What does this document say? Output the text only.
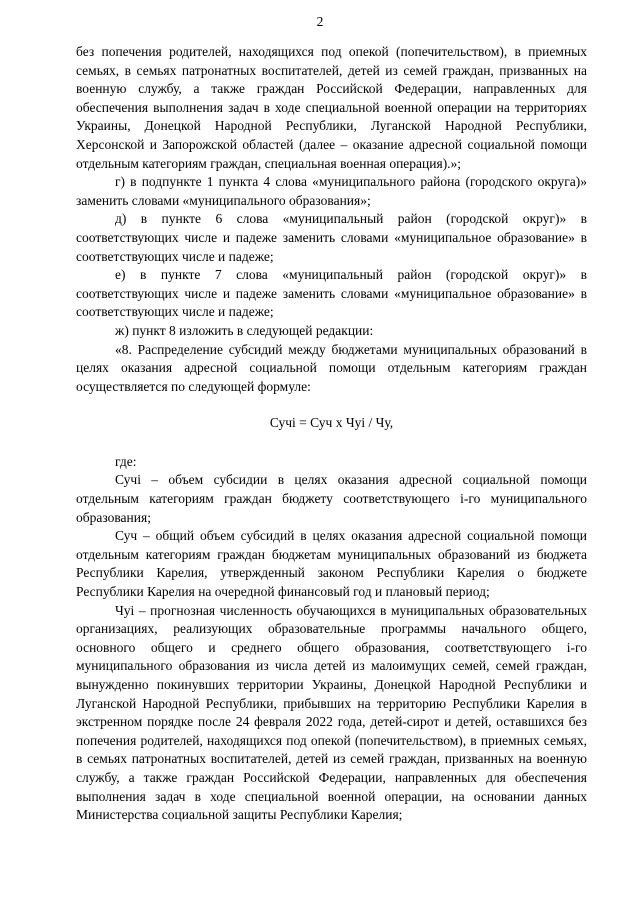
2

без попечения родителей, находящихся под опекой (попечительством), в приемных семьях, в семьях патронатных воспитателей, детей из семей граждан, призванных на военную службу, а также граждан Российской Федерации, направленных для обеспечения выполнения задач в ходе специальной военной операции на территориях Украины, Донецкой Народной Республики, Луганской Народной Республики, Херсонской и Запорожской областей (далее – оказание адресной социальной помощи отдельным категориям граждан, специальная военная операция).»;

г) в подпункте 1 пункта 4 слова «муниципального района (городского округа)» заменить словами «муниципального образования»;

д) в пункте 6 слова «муниципальный район (городской округ)» в соответствующих числе и падеже заменить словами «муниципальное образование» в соответствующих числе и падеже;

е) в пункте 7 слова «муниципальный район (городской округ)» в соответствующих числе и падеже заменить словами «муниципальное образование» в соответствующих числе и падеже;

ж) пункт 8 изложить в следующей редакции:

«8. Распределение субсидий между бюджетами муниципальных образований в целях оказания адресной социальной помощи отдельным категориям граждан осуществляется по следующей формуле:

Сучi = Суч х Чуi / Чу,

где:

Сучi – объем субсидии в целях оказания адресной социальной помощи отдельным категориям граждан бюджету соответствующего i-го муниципального образования;

Суч – общий объем субсидий в целях оказания адресной социальной помощи отдельным категориям граждан бюджетам муниципальных образований из бюджета Республики Карелия, утвержденный законом Республики Карелия о бюджете Республики Карелия на очередной финансовый год и плановый период;

Чуi – прогнозная численность обучающихся в муниципальных образовательных организациях, реализующих образовательные программы начального общего, основного общего и среднего общего образования, соответствующего i-го муниципального образования из числа детей из малоимущих семей, семей граждан, вынужденно покинувших территории Украины, Донецкой Народной Республики и Луганской Народной Республики, прибывших на территорию Республики Карелия в экстренном порядке после 24 февраля 2022 года, детей-сирот и детей, оставшихся без попечения родителей, находящихся под опекой (попечительством), в приемных семьях, в семьях патронатных воспитателей, детей из семей граждан, призванных на военную службу, а также граждан Российской Федерации, направленных для обеспечения выполнения задач в ходе специальной военной операции, на основании данных Министерства социальной защиты Республики Карелия;
